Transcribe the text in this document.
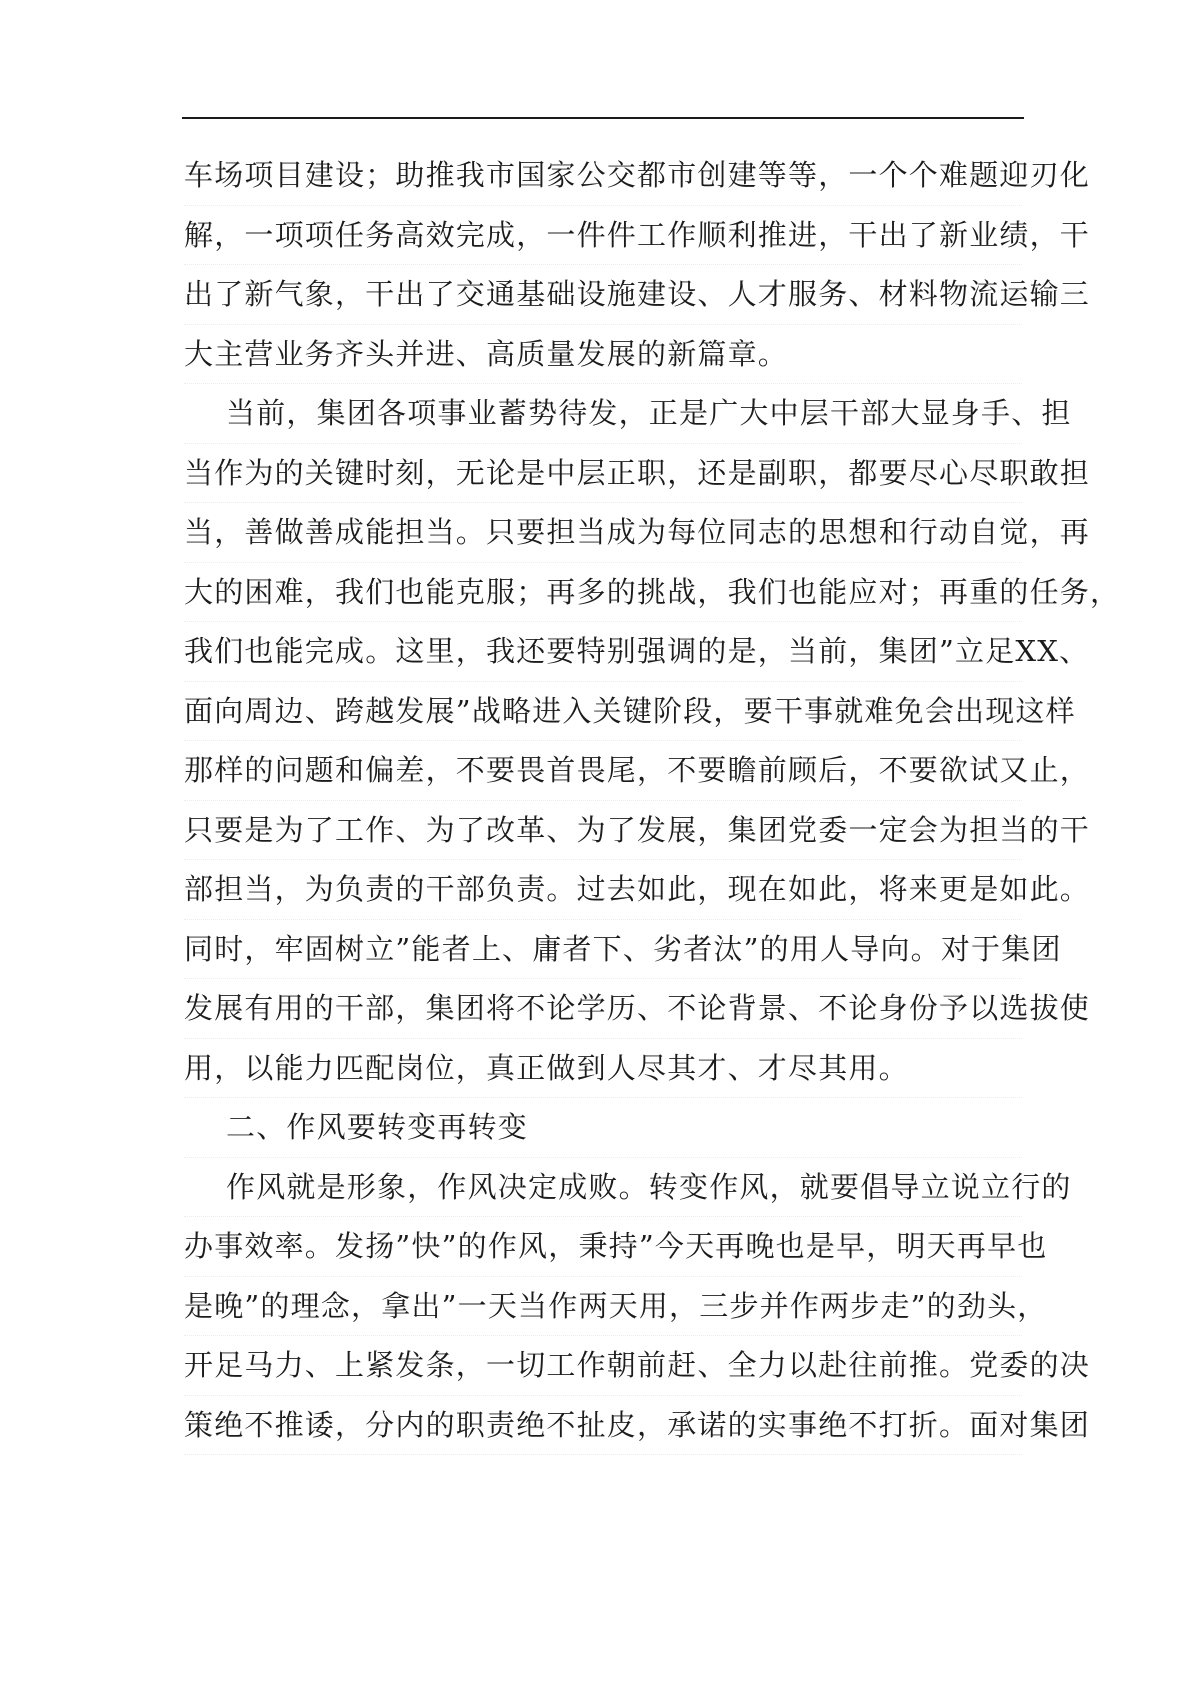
车场项目建设；助推我市国家公交都市创建等等，一个个难题迎刃化
解，一项项任务高效完成，一件件工作顺利推进，干出了新业绩，干
出了新气象，干出了交通基础设施建设、人才服务、材料物流运输三
大主营业务齐头并进、高质量发展的新篇章。
当前，集团各项事业蓄势待发，正是广大中层干部大显身手、担
当作为的关键时刻，无论是中层正职，还是副职，都要尽心尽职敢担
当，善做善成能担当。只要担当成为每位同志的思想和行动自觉，再
大的困难，我们也能克服；再多的挑战，我们也能应对；再重的任务，
我们也能完成。这里，我还要特别强调的是，当前，集团”立足XX、
面向周边、跨越发展”战略进入关键阶段，要干事就难免会出现这样
那样的问题和偏差，不要畏首畏尾，不要瞻前顾后，不要欲试又止，
只要是为了工作、为了改革、为了发展，集团党委一定会为担当的干
部担当，为负责的干部负责。过去如此，现在如此，将来更是如此。
同时，牢固树立”能者上、庸者下、劣者汰”的用人导向。对于集团
发展有用的干部，集团将不论学历、不论背景、不论身份予以选拔使
用，以能力匹配岗位，真正做到人尽其才、才尽其用。
二、作风要转变再转变
作风就是形象，作风决定成败。转变作风，就要倡导立说立行的
办事效率。发扬”快”的作风，秉持”今天再晚也是早，明天再早也
是晚”的理念，拿出”一天当作两天用，三步并作两步走”的劲头，
开足马力、上紧发条，一切工作朝前赶、全力以赴往前推。党委的决
策绝不推诿，分内的职责绝不扯皮，承诺的实事绝不打折。面对集团
